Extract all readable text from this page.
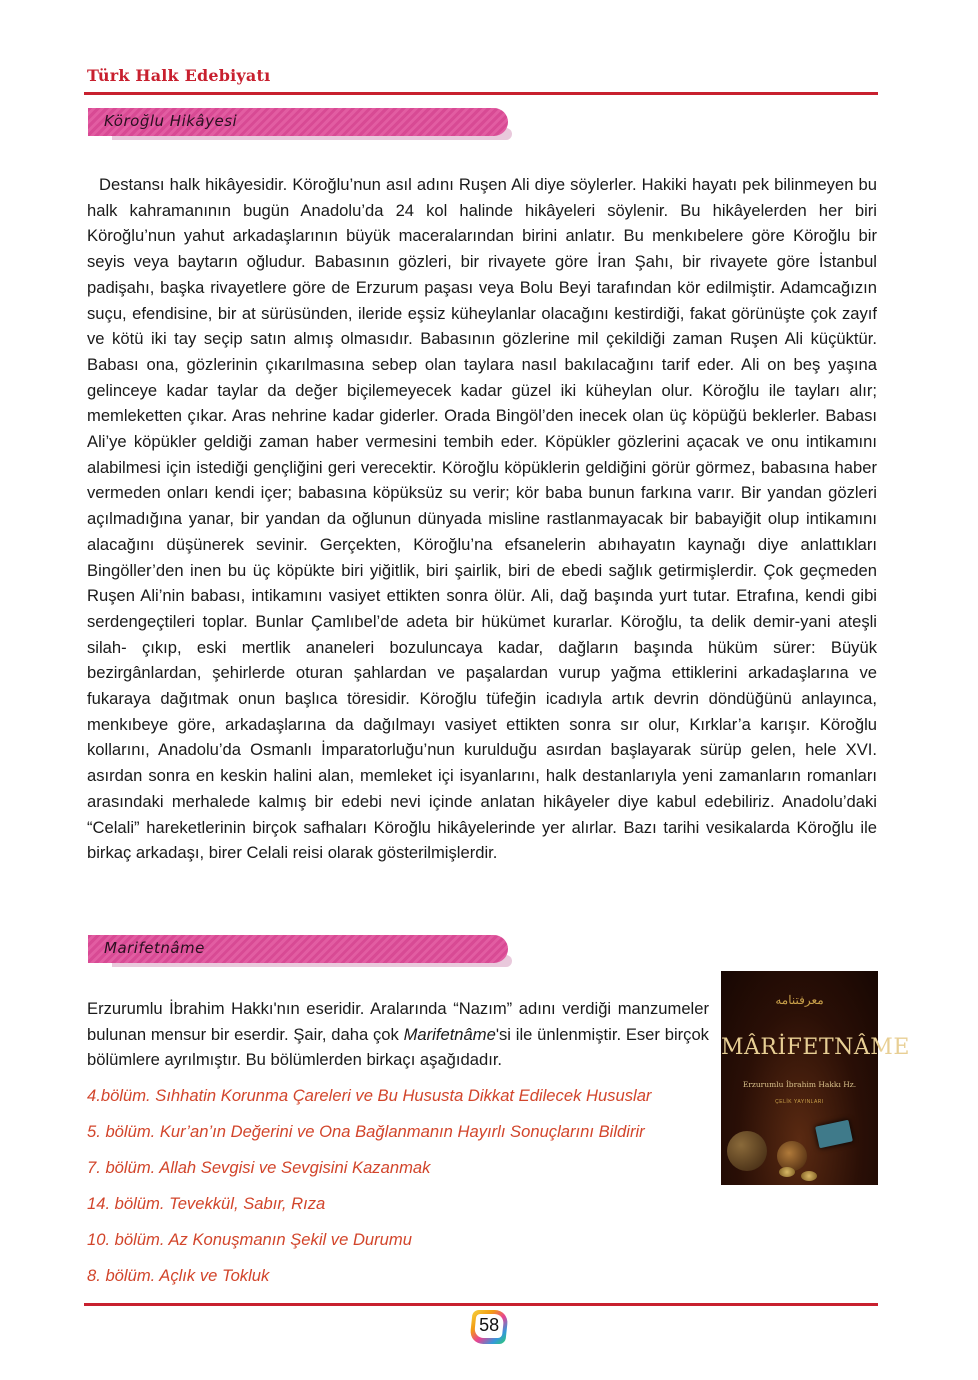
Türk Halk Edebiyatı
Köroğlu Hikâyesi
Destansı halk hikâyesidir. Köroğlu’nun asıl adını Ruşen Ali diye söylerler. Hakiki hayatı pek bilinmeyen bu halk kahramanının bugün Anadolu’da 24 kol halinde hikâyeleri söylenir. Bu hikâyelerden her biri Köroğlu’nun yahut arkadaşlarının büyük maceralarından birini anlatır. Bu menkıbelere göre Köroğlu bir seyis veya baytarın oğludur. Babasının gözleri, bir rivayete göre İran Şahı, bir rivayete göre İstanbul padişahı, başka rivayetlere göre de Erzurum paşası veya Bolu Beyi tarafından kör edilmiştir. Adamcağızın suçu, efendisine, bir at sürüsünden, ileride eşsiz küheylanlar olacağını kestirdiği, fakat görünüşte çok zayıf ve kötü iki tay seçip satın almış olmasıdır. Babasının gözlerine mil çekildiği zaman Ruşen Ali küçüktür. Babası ona, gözlerinin çıkarılmasına sebep olan taylara nasıl bakılacağını tarif eder. Ali on beş yaşına gelinceye kadar taylar da değer biçilemeyecek kadar güzel iki küheylan olur. Köroğlu ile tayları alır; memleketten çıkar. Aras nehrine kadar giderler. Orada Bingöl’den inecek olan üç köpüğü beklerler. Babası Ali’ye köpükler geldiği zaman haber vermesini tembih eder. Köpükler gözlerini açacak ve onu intikamını alabilmesi için istediği gençliğini geri verecektir. Köroğlu köpüklerin geldiğini görür görmez, babasına haber vermeden onları kendi içer; babasına köpüksüz su verir; kör baba bunun farkına varır. Bir yandan gözleri açılmadığına yanar, bir yandan da oğlunun dünyada misline rastlanmayacak bir babayiğit olup intikamını alacağını düşünerek sevinir. Gerçekten, Köroğlu’na efsanelerin abıhayatın kaynağı diye anlattıkları Bingöller’den inen bu üç köpükte biri yiğitlik, biri şairlik, biri de ebedi sağlık getirmişlerdir. Çok geçmeden Ruşen Ali’nin babası, intikamını vasiyet ettikten sonra ölür. Ali, dağ başında yurt tutar. Etrafına, kendi gibi serdengeçtileri toplar. Bunlar Çamlıbel’de adeta bir hükümet kurarlar. Köroğlu, ta delik demir-yani ateşli silah- çıkıp, eski mertlik ananeleri bozuluncaya kadar, dağların başında hüküm sürer: Büyük bezirgânlardan, şehirlerde oturan şahlardan ve paşalardan vurup yağma ettiklerini arkadaşlarına ve fukaraya dağıtmak onun başlıca töresidir. Köroğlu tüfeğin icadıyla artık devrin döndüğünü anlayınca, menkıbeye göre, arkadaşlarına da dağılmayı vasiyet ettikten sonra sır olur, Kırklar’a karışır. Köroğlu kollarını, Anadolu’da Osmanlı İmparatorluğu’nun kurulduğu asırdan başlayarak sürüp gelen, hele XVI. asırdan sonra en keskin halini alan, memleket içi isyanlarını, halk destanlarıyla yeni zamanların romanları arasındaki merhalede kalmış bir edebi nevi içinde anlatan hikâyeler diye kabul edebiliriz. Anadolu’daki “Celali” hareketlerinin birçok safhaları Köroğlu hikâyelerinde yer alırlar. Bazı tarihi vesikalarda Köroğlu ile birkaç arkadaşı, birer Celali reisi olarak gösterilmişlerdir.
Marifetnâme
Erzurumlu İbrahim Hakkı'nın eseridir. Aralarında “Nazım” adını verdiği manzumeler bulunan mensur bir eserdir. Şair, daha çok Marifetnâme'si ile ünlenmiştir. Eser birçok bölümlere ayrılmıştır. Bu bölümlerden birkaçı aşağıdadır.
4.bölüm. Sıhhatin Korunma Çareleri ve Bu Hususta Dikkat Edilecek Hususlar
5. bölüm. Kur’an’ın Değerini ve Ona Bağlanmanın Hayırlı Sonuçlarını Bildirir
7. bölüm. Allah Sevgisi ve Sevgisini Kazanmak
14. bölüm. Tevekkül, Sabır, Rıza
10. bölüm. Az Konuşmanın Şekil ve Durumu
8. bölüm. Açlık ve Tokluk
ﻣﻌﺮﻓﺘﻨﺎﻣﻪ
MÂRİFETNÂME
Erzurumlu İbrahim Hakkı Hz.
ÇELİK YAYINLARI
58
